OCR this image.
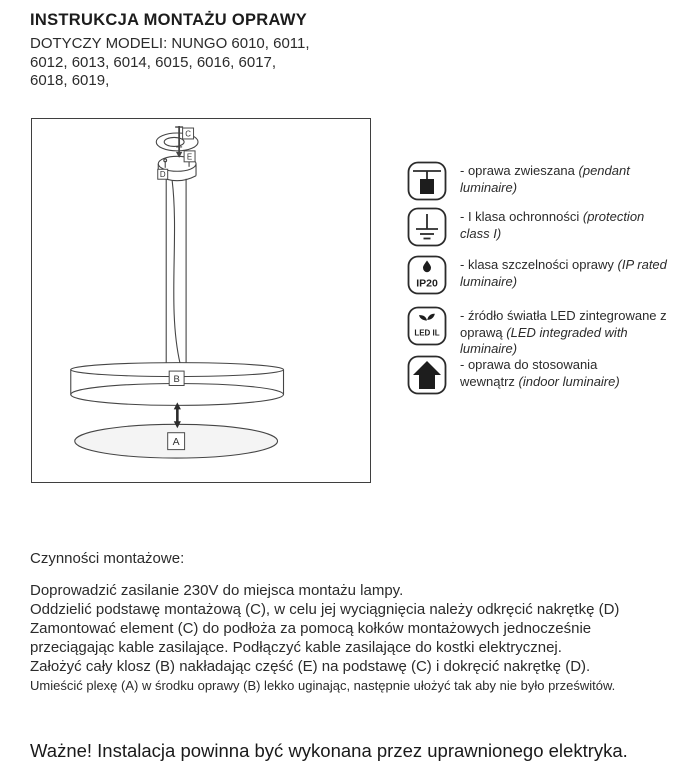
INSTRUKCJA MONTAŻU OPRAWY
DOTYCZY MODELI: NUNGO 6010, 6011,
6012, 6013, 6014, 6015, 6016, 6017,
6018, 6019,
C
E
D
B
A
- oprawa zwieszana (pendant luminaire)
- I klasa ochronności (protection class I)
IP20
- klasa szczelności oprawy (IP rated luminaire)
LED IL
- źródło światła LED zintegrowane z oprawą (LED integraded with luminaire)
- oprawa do stosowania wewnątrz (indoor luminaire)
Czynności montażowe:
Doprowadzić zasilanie 230V do miejsca montażu lampy.
Oddzielić podstawę montażową (C), w celu jej wyciągnięcia należy odkręcić nakrętkę (D)
Zamontować element (C) do podłoża za pomocą kołków montażowych jednocześnie
przeciągając kable zasilające. Podłączyć kable zasilające do kostki elektrycznej.
Założyć cały klosz (B) nakładając część (E) na podstawę (C) i dokręcić nakrętkę (D).
Umieścić plexę (A) w środku oprawy (B) lekko uginając, następnie ułożyć tak aby nie było prześwitów.
Ważne! Instalacja powinna być wykonana przez uprawnionego elektryka.
